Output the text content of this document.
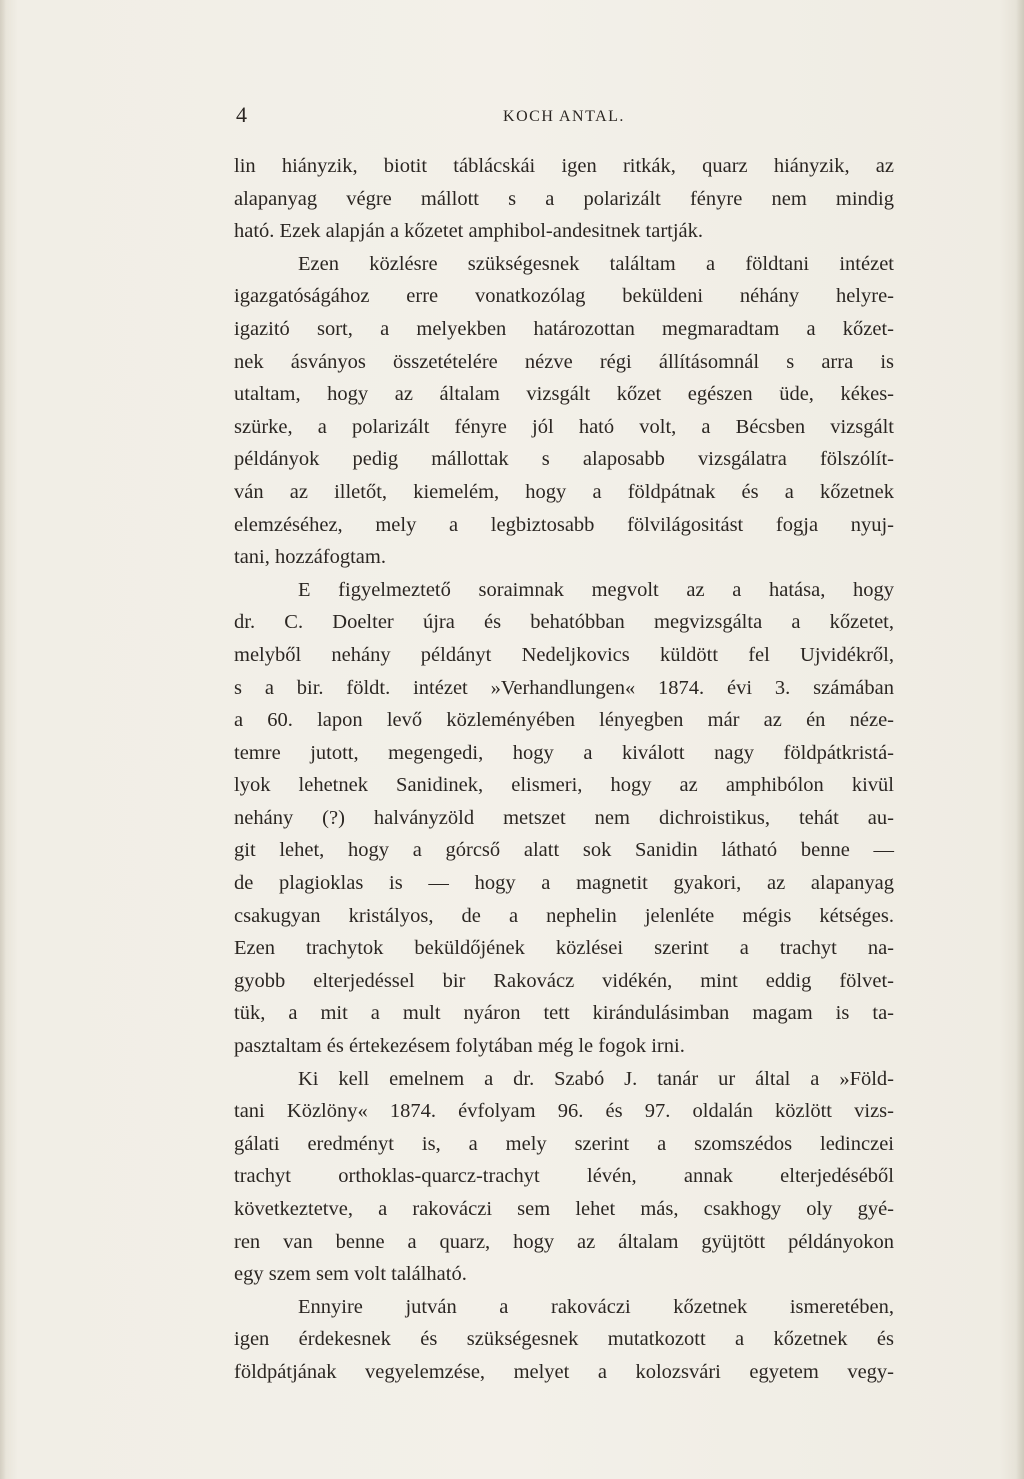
4	KOCH ANTAL.
lin hiányzik, biotit táblácskái igen ritkák, quarz hiányzik, az
alapanyag végre mállott s a polarizált fényre nem mindig
ható. Ezek alapján a kőzetet amphibol-andesitnek tartják.
Ezen közlésre szükségesnek találtam a földtani intézet
igazgatóságához erre vonatkozólag beküldeni néhány helyre-
igazitó sort, a melyekben határozottan megmaradtam a kőzet-
nek ásványos összetételére nézve régi állításomnál s arra is
utaltam, hogy az általam vizsgált kőzet egészen üde, kékes-
szürke, a polarizált fényre jól ható volt, a Bécsben vizsgált
példányok pedig mállottak s alaposabb vizsgálatra fölszólít-
ván az illetőt, kiemelém, hogy a földpátnak és a kőzetnek
elemzéséhez, mely a legbiztosabb fölvilágositást fogja nyuj-
tani, hozzáfogtam.
E figyelmeztető soraimnak megvolt az a hatása, hogy
dr. C. Doelter újra és behatóbban megvizsgálta a kőzetet,
melyből nehány példányt Nedeljkovics küldött fel Ujvidékről,
s a bir. földt. intézet »Verhandlungen« 1874. évi 3. számában
a 60. lapon levő közleményében lényegben már az én néze-
temre jutott, megengedi, hogy a kiválott nagy földpátkristá-
lyok lehetnek Sanidinek, elismeri, hogy az amphibólon kivül
nehány (?) halványzöld metszet nem dichroistikus, tehát au-
git lehet, hogy a górcső alatt sok Sanidin látható benne —
de plagioklas is — hogy a magnetit gyakori, az alapanyag
csakugyan kristályos, de a nephelin jelenléte mégis kétséges.
Ezen trachytok beküldőjének közlései szerint a trachyt na-
gyobb elterjedéssel bir Rakovácz vidékén, mint eddig fölvet-
tük, a mit a mult nyáron tett kirándulásimban magam is ta-
pasztaltam és értekezésem folytában még le fogok irni.
Ki kell emelnem a dr. Szabó J. tanár ur által a »Föld-
tani Közlöny« 1874. évfolyam 96. és 97. oldalán közlött vizs-
gálati eredményt is, a mely szerint a szomszédos ledinczei
trachyt orthoklas-quarcz-trachyt lévén, annak elterjedéséből
következtetve, a rakováczi sem lehet más, csakhogy oly gyé-
ren van benne a quarz, hogy az általam gyüjtött példányokon
egy szem sem volt található.
Ennyire jutván a rakováczi kőzetnek ismeretében,
igen érdekesnek és szükségesnek mutatkozott a kőzetnek és
földpátjának vegyelemzése, melyet a kolozsvári egyetem vegy-
